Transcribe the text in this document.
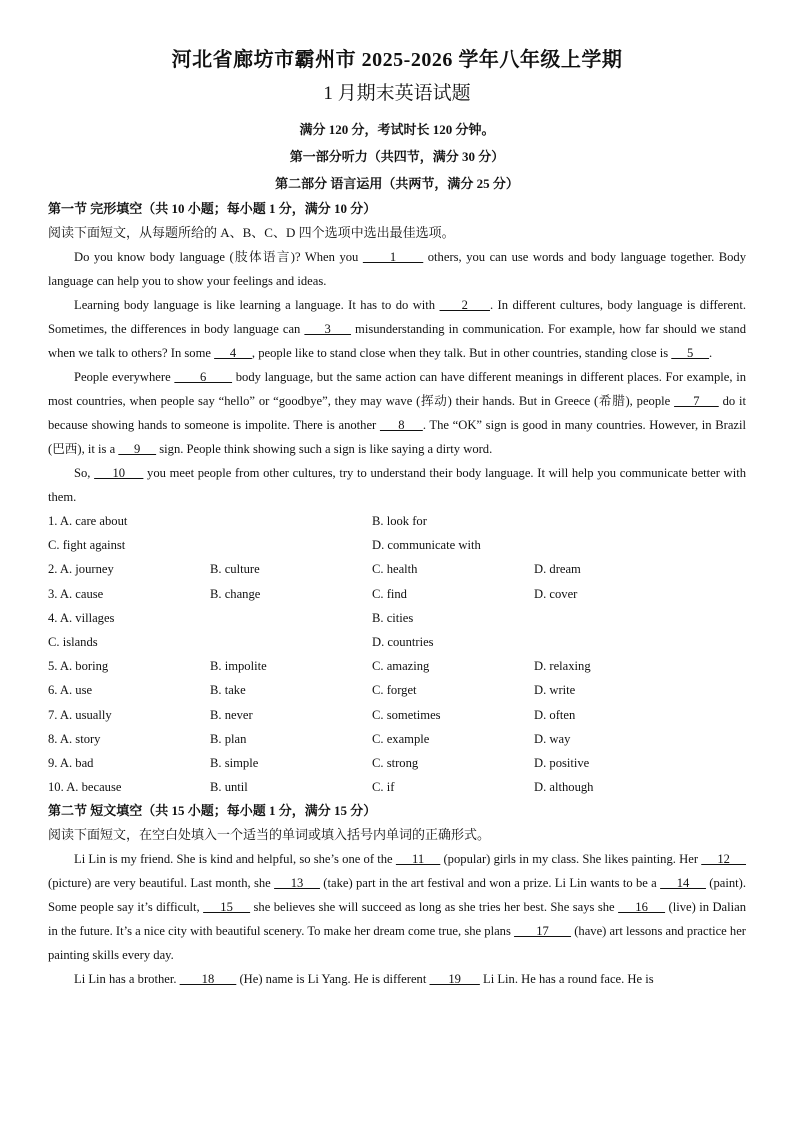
河北省廊坊市霸州市 2025-2026 学年八年级上学期

1 月期末英语试题

满分 120 分，考试时长 120 分钟。

第一部分听力（共四节，满分 30 分）

第二部分 语言运用（共两节，满分 25 分）

第一节 完形填空（共 10 小题；每小题 1 分，满分 10 分）

阅读下面短文，从每题所给的 A、B、C、D 四个选项中选出最佳选项。

Do you know body language (肢体语言)? When you       1       others, you can use words and body language together. Body language can help you to show your feelings and ideas.

Learning body language is like learning a language. It has to do with      2     . In different cultures, body language is different. Sometimes, the differences in body language can      3      misunderstanding in communication. For example, how far should we stand when we talk to others? In some      4     , people like to stand close when they talk. But in other countries, standing close is      5     .

People everywhere        6        body language, but the same action can have different meanings in different places. For example, in most countries, when people say “hello” or “goodbye”, they may wave (挥动) their hands. But in Greece (希腊), people      7      do it because showing hands to someone is impolite. There is another      8     . The “OK” sign is good in many countries. However, in Brazil (巴西), it is a      9      sign. People think showing such a sign is like saying a dirty word.

So,      10      you meet people from other cultures, try to understand their body language. It will help you communicate better with them.

1. A. care about	B. look for
C. fight against	D. communicate with
2. A. journey	B. culture	C. health	D. dream
3. A. cause	B. change	C. find	D. cover
4. A. villages	B. cities
C. islands	D. countries
5. A. boring	B. impolite	C. amazing	D. relaxing
6. A. use	B. take	C. forget	D. write
7. A. usually	B. never	C. sometimes	D. often
8. A. story	B. plan	C. example	D. way
9. A. bad	B. simple	C. strong	D. positive
10. A. because	B. until	C. if	D. although

第二节 短文填空（共 15 小题；每小题 1 分，满分 15 分）

阅读下面短文，在空白处填入一个适当的单词或填入括号内单词的正确形式。

Li Lin is my friend. She is kind and helpful, so she’s one of the      11      (popular) girls in my class. She likes painting. Her      12      (picture) are very beautiful. Last month, she      13      (take) part in the art festival and won a prize. Li Lin wants to be a      14      (paint). Some people say it’s difficult,      15      she believes she will succeed as long as she tries her best. She says she      16      (live) in Dalian in the future. It’s a nice city with beautiful scenery. To make her dream come true, she plans        17        (have) art lessons and practice her painting skills every day.

Li Lin has a brother.        18        (He) name is Li Yang. He is different       19       Li Lin. He has a round face. He is
